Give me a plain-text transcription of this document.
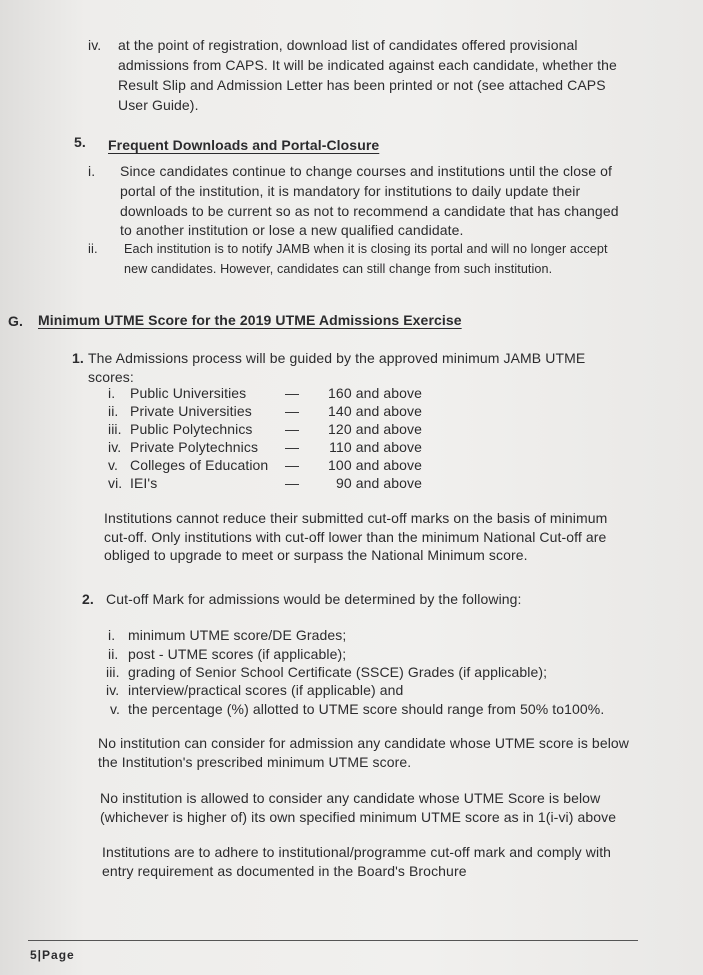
iv. at the point of registration, download list of candidates offered provisional
admissions from CAPS. It will be indicated against each candidate, whether the
Result Slip and Admission Letter has been printed or not (see attached CAPS
User Guide).
5. Frequent Downloads and Portal-Closure
i. Since candidates continue to change courses and institutions until the close of
portal of the institution, it is mandatory for institutions to daily update their
downloads to be current so as not to recommend a candidate that has changed
to another institution or lose a new qualified candidate.
ii. Each institution is to notify JAMB when it is closing its portal and will no longer accept
new candidates. However, candidates can still change from such institution.
G. Minimum UTME Score for the 2019 UTME Admissions Exercise
1. The Admissions process will be guided by the approved minimum JAMB UTME
scores:
i. Public Universities	—	160 and above
ii. Private Universities —	140 and above
iii. Public Polytechnics —	120 and above
iv. Private Polytechnics —	110 and above
v. Colleges of Education —	100 and above
vi. IEI's	—	90 and above
Institutions cannot reduce their submitted cut-off marks on the basis of minimum
cut-off. Only institutions with cut-off lower than the minimum National Cut-off are
obliged to upgrade to meet or surpass the National Minimum score.
2. Cut-off Mark for admissions would be determined by the following:
i. minimum UTME score/DE Grades;
ii. post - UTME scores (if applicable);
iii. grading of Senior School Certificate (SSCE) Grades (if applicable);
iv. interview/practical scores (if applicable) and
v. the percentage (%) allotted to UTME score should range from 50% to100%.
No institution can consider for admission any candidate whose UTME score is below
the Institution's prescribed minimum UTME score.
No institution is allowed to consider any candidate whose UTME Score is below
(whichever is higher of) its own specified minimum UTME score as in 1(i-vi) above
Institutions are to adhere to institutional/programme cut-off mark and comply with
entry requirement as documented in the Board's Brochure
5|Page
